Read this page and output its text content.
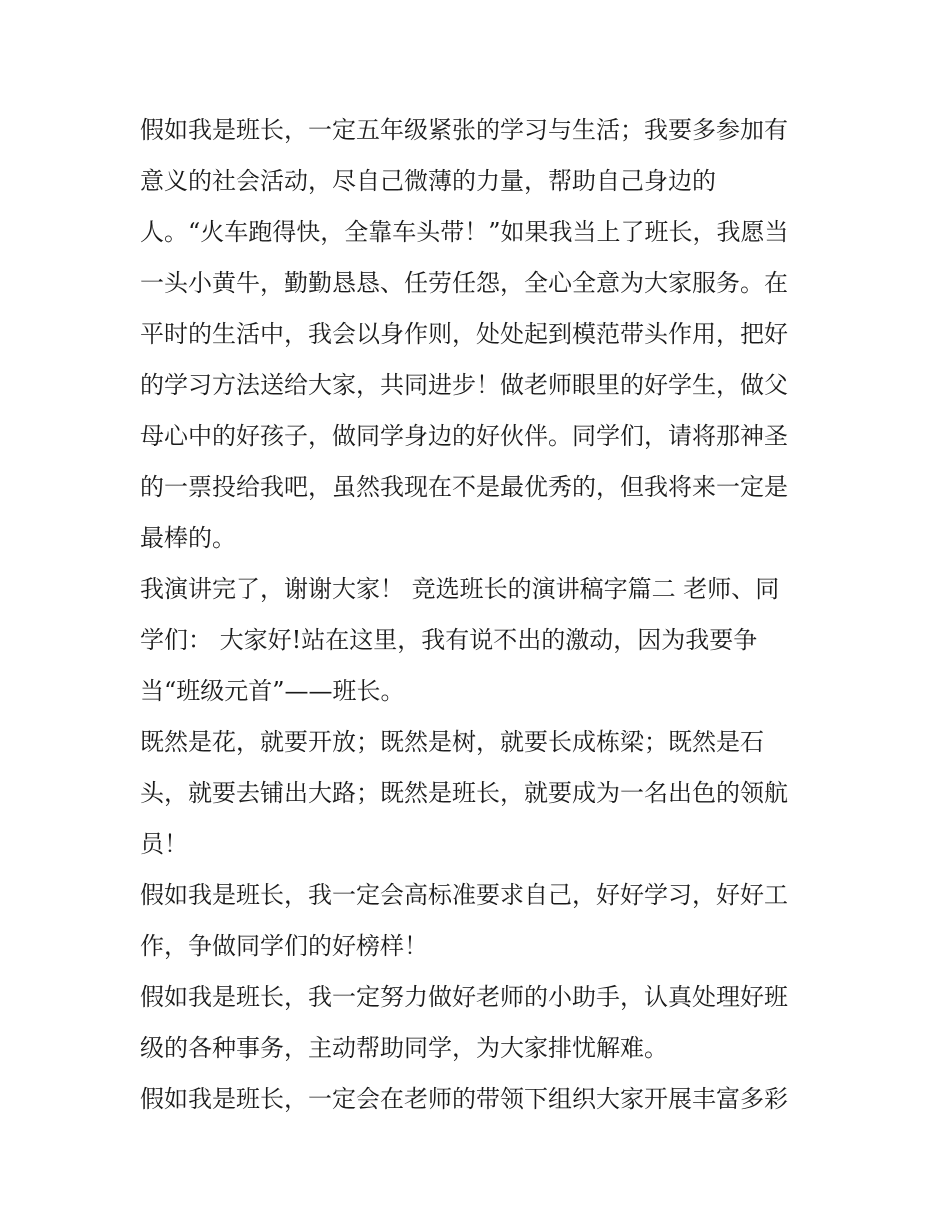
假如我是班长，一定五年级紧张的学习与生活；我要多参加有
意义的社会活动，尽自己微薄的力量，帮助自己身边的
人。“火车跑得快，全靠车头带！”如果我当上了班长，我愿当
一头小黄牛，勤勤恳恳、任劳任怨，全心全意为大家服务。在
平时的生活中，我会以身作则，处处起到模范带头作用，把好
的学习方法送给大家，共同进步！做老师眼里的好学生，做父
母心中的好孩子，做同学身边的好伙伴。同学们，请将那神圣
的一票投给我吧，虽然我现在不是最优秀的，但我将来一定是
最棒的。
我演讲完了，谢谢大家！ 竞选班长的演讲稿字篇二 老师、同
学们： 大家好!站在这里，我有说不出的激动，因为我要争
当“班级元首”——班长。
既然是花，就要开放；既然是树，就要长成栋梁；既然是石
头，就要去铺出大路；既然是班长，就要成为一名出色的领航
员！
假如我是班长，我一定会高标准要求自己，好好学习，好好工
作，争做同学们的好榜样！
假如我是班长，我一定努力做好老师的小助手，认真处理好班
级的各种事务，主动帮助同学，为大家排忧解难。
假如我是班长，一定会在老师的带领下组织大家开展丰富多彩
